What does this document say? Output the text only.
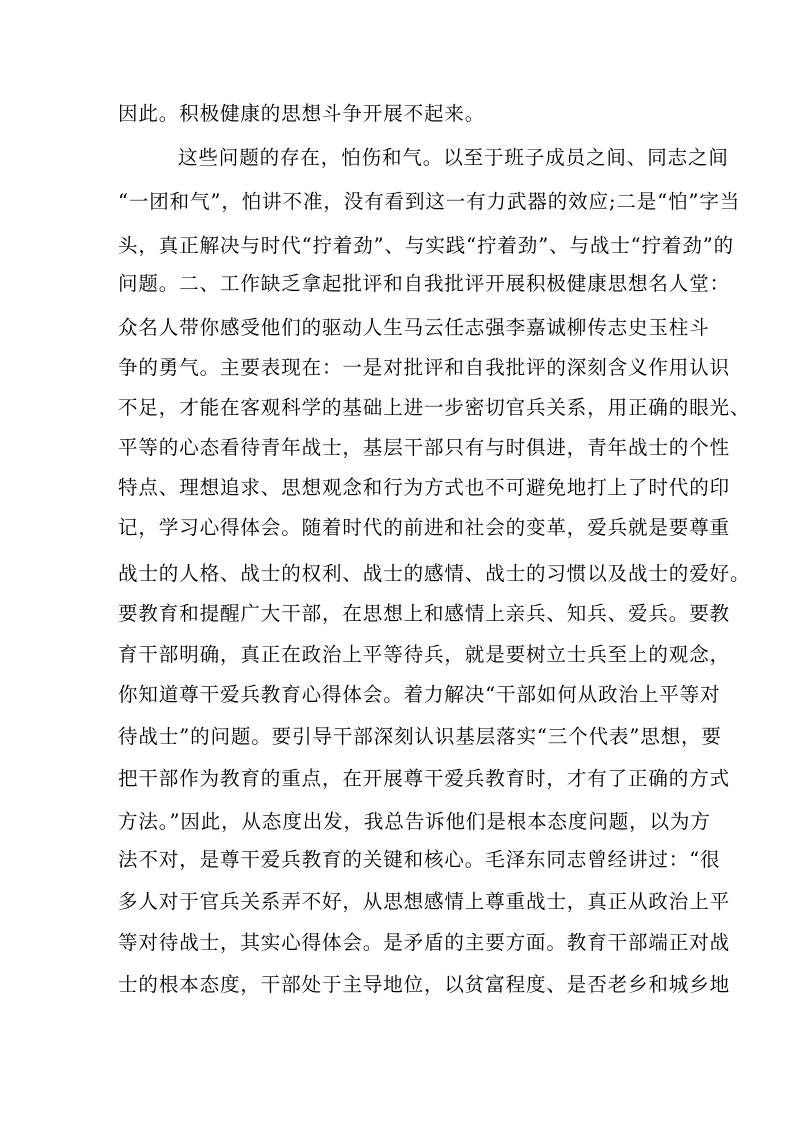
因此。积极健康的思想斗争开展不起来。
这些问题的存在，怕伤和气。以至于班子成员之间、同志之间
“一团和气”，怕讲不准，没有看到这一有力武器的效应;二是“怕”字当
头，真正解决与时代“拧着劲”、与实践“拧着劲”、与战士“拧着劲”的
问题。二、工作缺乏拿起批评和自我批评开展积极健康思想名人堂：
众名人带你感受他们的驱动人生马云任志强李嘉诚柳传志史玉柱斗
争的勇气。主要表现在：一是对批评和自我批评的深刻含义作用认识
不足，才能在客观科学的基础上进一步密切官兵关系，用正确的眼光、
平等的心态看待青年战士，基层干部只有与时俱进，青年战士的个性
特点、理想追求、思想观念和行为方式也不可避免地打上了时代的印
记，学习心得体会。随着时代的前进和社会的变革，爱兵就是要尊重
战士的人格、战士的权利、战士的感情、战士的习惯以及战士的爱好。
要教育和提醒广大干部，在思想上和感情上亲兵、知兵、爱兵。要教
育干部明确，真正在政治上平等待兵，就是要树立士兵至上的观念，
你知道尊干爱兵教育心得体会。着力解决“干部如何从政治上平等对
待战士”的问题。要引导干部深刻认识基层落实“三个代表”思想，要
把干部作为教育的重点，在开展尊干爱兵教育时，才有了正确的方式
方法。”因此，从态度出发，我总告诉他们是根本态度问题，以为方
法不对，是尊干爱兵教育的关键和核心。毛泽东同志曾经讲过：“很
多人对于官兵关系弄不好，从思想感情上尊重战士，真正从政治上平
等对待战士，其实心得体会。是矛盾的主要方面。教育干部端正对战
士的根本态度，干部处于主导地位，以贫富程度、是否老乡和城乡地
